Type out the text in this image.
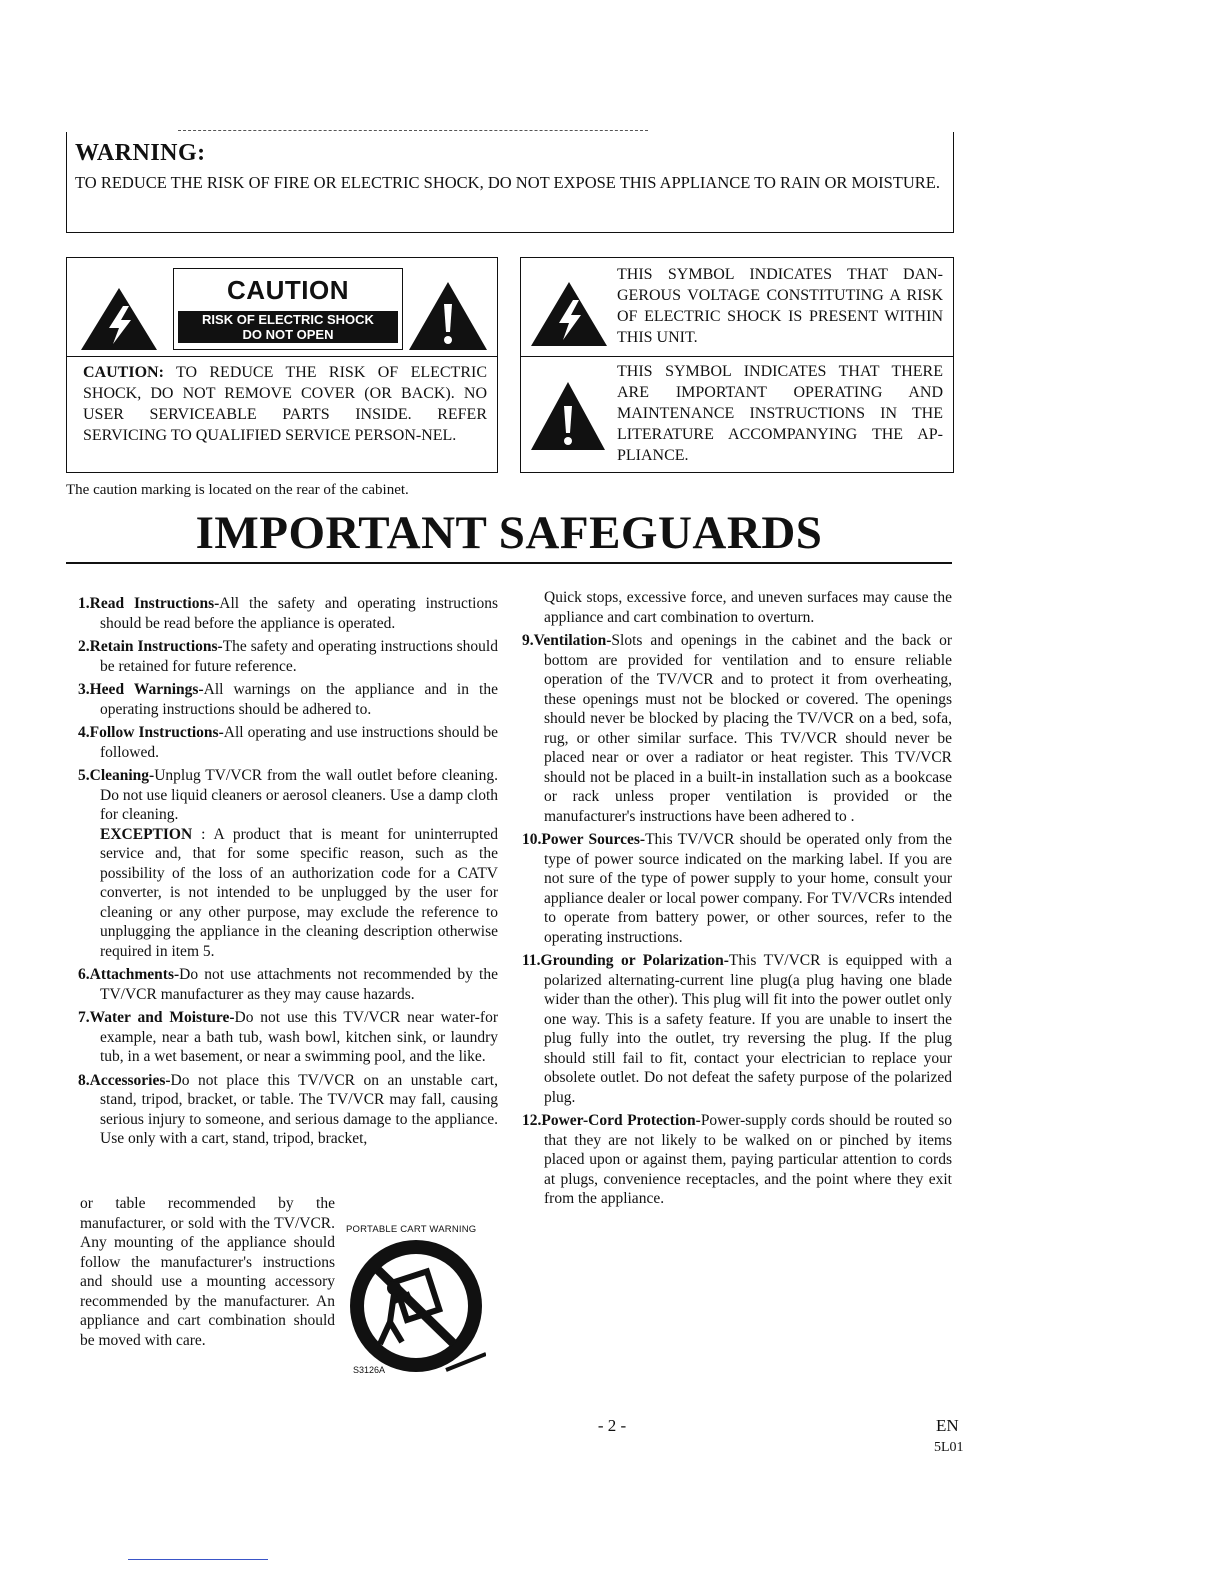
WARNING:
TO REDUCE THE RISK OF FIRE OR ELECTRIC SHOCK, DO NOT EXPOSE THIS APPLIANCE TO RAIN OR MOISTURE.
CAUTION
RISK OF ELECTRIC SHOCK
DO NOT OPEN

CAUTION: TO REDUCE THE RISK OF ELECTRIC SHOCK, DO NOT REMOVE COVER (OR BACK). NO USER SERVICEABLE PARTS INSIDE. REFER SERVICING TO QUALIFIED SERVICE PERSON-NEL.

THIS SYMBOL INDICATES THAT DAN-GEROUS VOLTAGE CONSTITUTING A RISK OF ELECTRIC SHOCK IS PRESENT WITHIN THIS UNIT.
THIS SYMBOL INDICATES THAT THERE ARE IMPORTANT OPERATING AND MAINTENANCE INSTRUCTIONS IN THE LITERATURE ACCOMPANYING THE AP-PLIANCE.
The caution marking is located on the rear of the cabinet.
IMPORTANT SAFEGUARDS

1.Read Instructions-All the safety and operating instructions should be read before the appliance is operated.

2.Retain Instructions-The safety and operating instructions should be retained for future reference.

3.Heed Warnings-All warnings on the appliance and in the operating instructions should be adhered to.

4.Follow Instructions-All operating and use instructions should be followed.

5.Cleaning-Unplug TV/VCR from the wall outlet before cleaning. Do not use liquid cleaners or aerosol cleaners. Use a damp cloth for cleaning.

EXCEPTION : A product that is meant for uninterrupted service and, that for some specific reason, such as the possibility of the loss of an authorization code for a CATV converter, is not intended to be unplugged by the user for cleaning or any other purpose, may exclude the reference to unplugging the appliance in the cleaning description otherwise required in item 5.

6.Attachments-Do not use attachments not recommended by the TV/VCR manufacturer as they may cause hazards.

7.Water and Moisture-Do not use this TV/VCR near water-for example, near a bath tub, wash bowl, kitchen sink, or laundry tub, in a wet basement, or near a swimming pool, and the like.

8.Accessories-Do not place this TV/VCR on an unstable cart, stand, tripod, bracket, or table. The TV/VCR may fall, causing serious injury to someone, and serious damage to the appliance. Use only with a cart, stand, tripod, bracket,

or table recommended by the manufacturer, or sold with the TV/VCR. Any mounting of the appliance should follow the manufacturer's instructions and should use a mounting accessory recommended by the manufacturer. An appliance and cart combination should be moved with care.
PORTABLE CART WARNING
S3126A

Quick stops, excessive force, and uneven surfaces may cause the appliance and cart combination to overturn.

9.Ventilation-Slots and openings in the cabinet and the back or bottom are provided for ventilation and to ensure reliable operation of the TV/VCR and to protect it from overheating, these openings must not be blocked or covered. The openings should never be blocked by placing the TV/VCR on a bed, sofa, rug, or other similar surface. This TV/VCR should never be placed near or over a radiator or heat register. This TV/VCR should not be placed in a built-in installation such as a bookcase or rack unless proper ventilation is provided or the manufacturer's instructions have been adhered to .

10.Power Sources-This TV/VCR should be operated only from the type of power source indicated on the marking label. If you are not sure of the type of power supply to your home, consult your appliance dealer or local power company. For TV/VCRs intended to operate from battery power, or other sources, refer to the operating instructions.

11.Grounding or Polarization-This TV/VCR is equipped with a polarized alternating-current line plug(a plug having one blade wider than the other). This plug will fit into the power outlet only one way. This is a safety feature. If you are unable to insert the plug fully into the outlet, try reversing the plug. If the plug should still fail to fit, contact your electrician to replace your obsolete outlet. Do not defeat the safety purpose of the polarized plug.

12.Power-Cord Protection-Power-supply cords should be routed so that they are not likely to be walked on or pinched by items placed upon or against them, paying particular attention to cords at plugs, convenience receptacles, and the point where they exit from the appliance.

- 2 -	EN
5L01
